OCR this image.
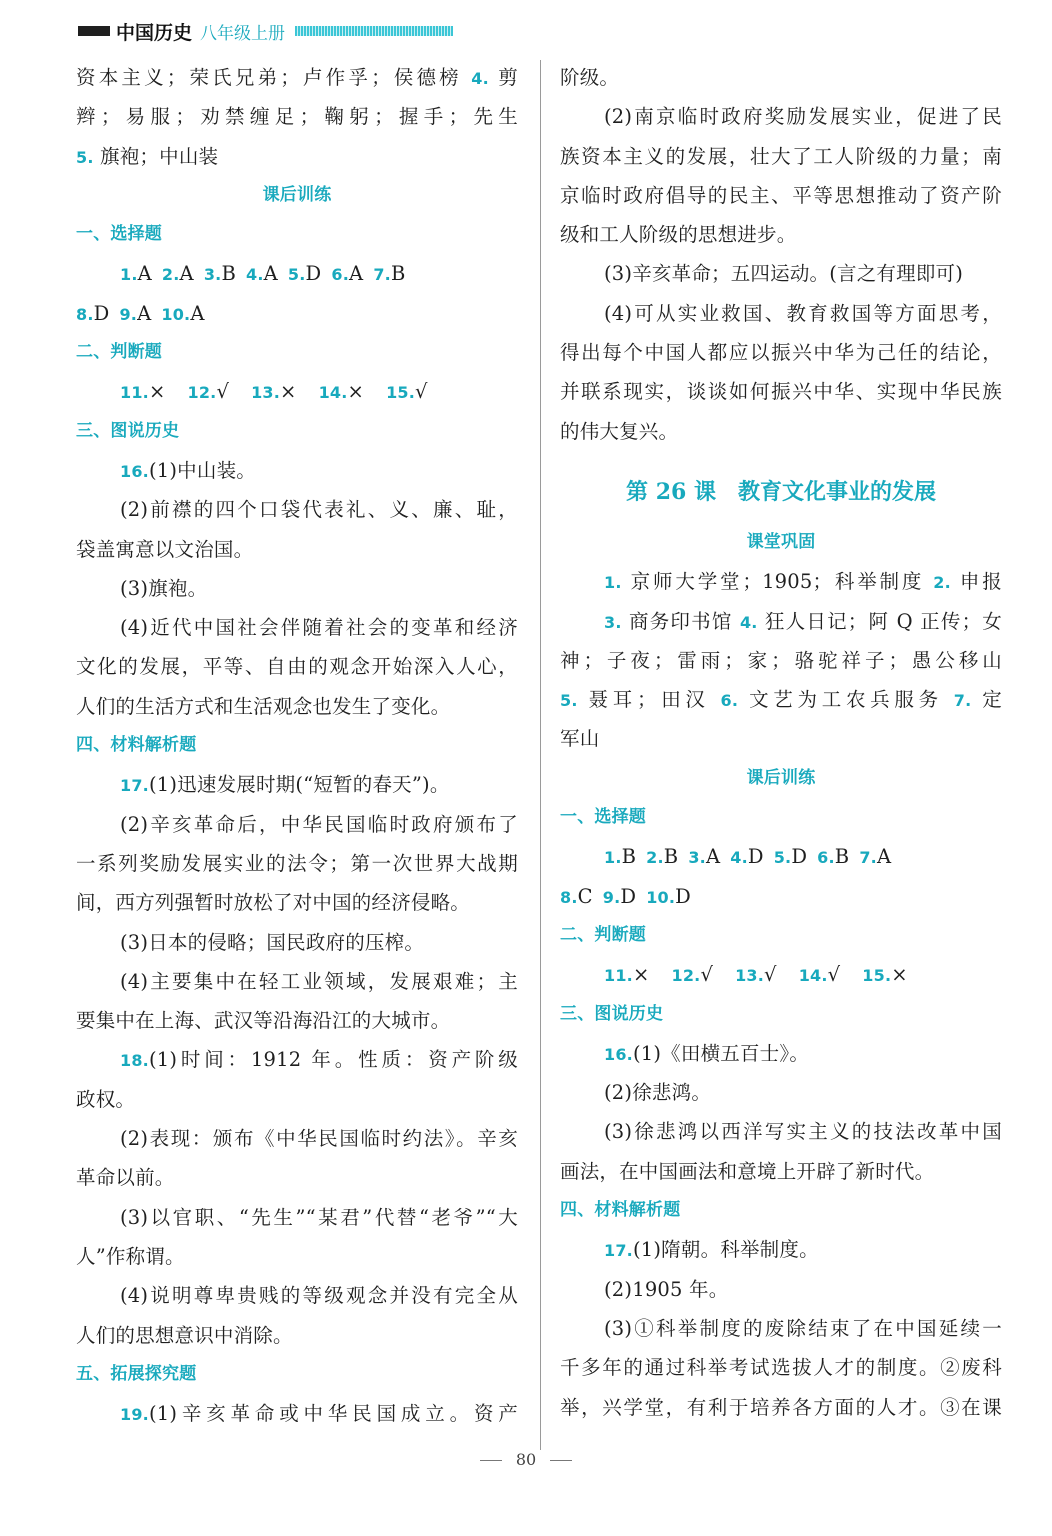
中国历史 八年级上册
资本主义；荣氏兄弟；卢作孚；侯德榜 4. 剪
辫；易服；劝禁缠足；鞠躬；握手；先生
5. 旗袍；中山装
课后训练
一、选择题
1.A 2.A 3.B 4.A 5.D 6.A 7.B
8.D 9.A 10.A
二、判断题
11.× 12.√ 13.× 14.× 15.√
三、图说历史
16.(1)中山装。
(2)前襟的四个口袋代表礼、义、廉、耻，
袋盖寓意以文治国。
(3)旗袍。
(4)近代中国社会伴随着社会的变革和经济
文化的发展，平等、自由的观念开始深入人心，
人们的生活方式和生活观念也发生了变化。
四、材料解析题
17.(1)迅速发展时期(“短暂的春天”)。
(2)辛亥革命后，中华民国临时政府颁布了
一系列奖励发展实业的法令；第一次世界大战期
间，西方列强暂时放松了对中国的经济侵略。
(3)日本的侵略；国民政府的压榨。
(4)主要集中在轻工业领域，发展艰难；主
要集中在上海、武汉等沿海沿江的大城市。
18.(1)时间：1912 年。性质：资产阶级
政权。
(2)表现：颁布《中华民国临时约法》。辛亥
革命以前。
(3)以官职、“先生”“某君”代替“老爷”“大
人”作称谓。
(4)说明尊卑贵贱的等级观念并没有完全从
人们的思想意识中消除。
五、拓展探究题
19.(1)辛亥革命或中华民国成立。资产
阶级。
(2)南京临时政府奖励发展实业，促进了民
族资本主义的发展，壮大了工人阶级的力量；南
京临时政府倡导的民主、平等思想推动了资产阶
级和工人阶级的思想进步。
(3)辛亥革命；五四运动。(言之有理即可)
(4)可从实业救国、教育救国等方面思考，
得出每个中国人都应以振兴中华为己任的结论，
并联系现实，谈谈如何振兴中华、实现中华民族
的伟大复兴。
第 26 课　教育文化事业的发展
课堂巩固
1. 京师大学堂；1905；科举制度 2. 申报
3. 商务印书馆 4. 狂人日记；阿 Q 正传；女
神；子夜；雷雨；家；骆驼祥子；愚公移山
5. 聂耳；田汉 6. 文艺为工农兵服务 7. 定
军山
课后训练
一、选择题
1.B 2.B 3.A 4.D 5.D 6.B 7.A
8.C 9.D 10.D
二、判断题
11.× 12.√ 13.√ 14.√ 15.×
三、图说历史
16.(1)《田横五百士》。
(2)徐悲鸿。
(3)徐悲鸿以西洋写实主义的技法改革中国
画法，在中国画法和意境上开辟了新时代。
四、材料解析题
17.(1)隋朝。科举制度。
(2)1905 年。
(3)①科举制度的废除结束了在中国延续一
千多年的通过科举考试选拔人才的制度。②废科
举，兴学堂，有利于培养各方面的人才。③在课
80
